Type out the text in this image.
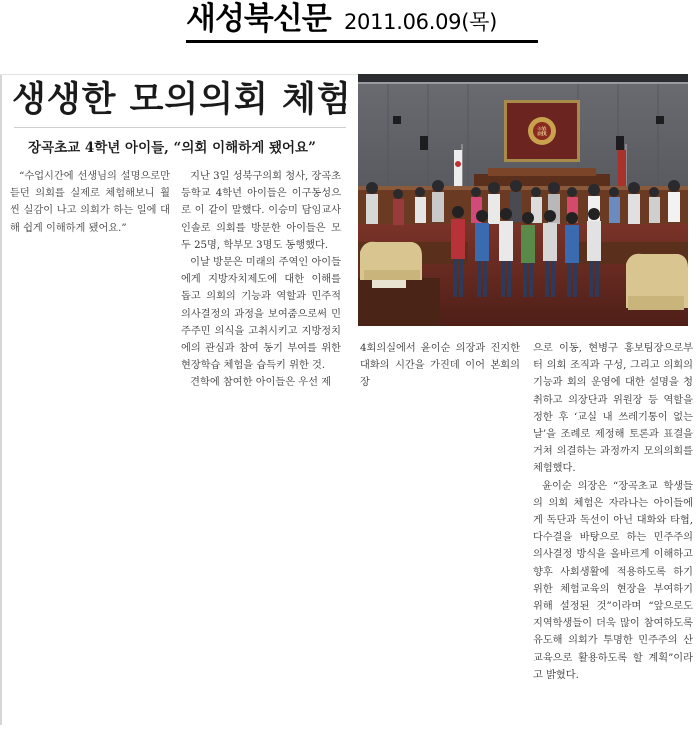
새성북신문 2011.06.09(목)
생생한 모의의회 체험
장곡초교 4학년 아이들, “의회 이해하게 됐어요”

“수업시간에 선생님의 설명으로만 듣던 의회를 실제로 체험해보니 훨씬 실감이 나고 의회가 하는 일에 대해 쉽게 이해하게 됐어요.”

지난 3일 성북구의회 청사, 장곡초등학교 4학년 아이들은 이구동성으로 이 같이 말했다. 이승미 담임교사 인솔로 의회를 방문한 아이들은 모두 25명, 학부모 3명도 동행했다.

이날 방문은 미래의 주역인 아이들에게 지방자치제도에 대한 이해를 돕고 의회의 기능과 역할과 민주적 의사결정의 과정을 보여줌으로써 민주주민 의식을 고취시키고 지방정치에의 관심과 참여 동기 부여를 위한 현장학습 체험을 습득키 위한 것.

견학에 참여한 아이들은 우선 제

議

4회의실에서 윤이순 의장과 진지한 대화의 시간을 가진데 이어 본회의장

으로 이동, 현병구 홍보팀장으로부터 의회 조직과 구성, 그리고 의회의 기능과 회의 운영에 대한 설명을 청취하고 의장단과 위원장 등 역할을 정한 후 ‘교실 내 쓰레기통이 없는 날’을 조례로 제정해 토론과 표결을 거쳐 의결하는 과정까지 모의의회를 체험했다.

윤이순 의장은 “장곡초교 학생들의 의회 체험은 자라나는 아이들에게 독단과 독선이 아닌 대화와 타협, 다수결을 바탕으로 하는 민주주의 의사결정 방식을 올바르게 이해하고 향후 사회생활에 적용하도록 하기 위한 체험교육의 현장을 부여하기 위해 설정된 것”이라며 “앞으로도 지역학생들이 더욱 많이 참여하도록 유도해 의회가 투명한 민주주의 산교육으로 활용하도록 할 계획”이라고 밝혔다.
